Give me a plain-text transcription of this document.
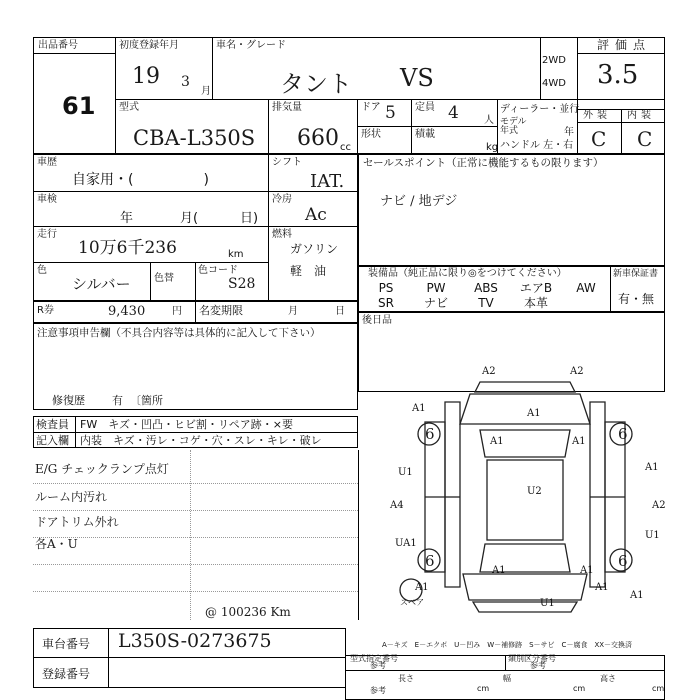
出品番号
61
初度登録年月
19 3
月
車名・グレード
タント VS
2WD
4WD
評価点
3.5
型式
CBA-L350S
排気量
660 cc
ドア 5 定員 4	人
形状	積載
kg
ディーラー・並行
モデル年式	年
ハンドル 左・右
外装 内装
C C
車歴
自家用・(　　　　　)
車検
年	月(	日)
走行
10万6千236	km
色
シルバー 色替
色コード
S28
シフト
IAT.
冷房
Ac
燃料
ガソリン
軽　油
R券	9,430	円 名変期限	月	日
セールスポイント（正常に機能するもの限ります）
ナビ / 地デジ
装備品（純正品に限り◎をつけてください）	新車保証書
有・無
PS	PW	ABS	エアB	AW
SR	ナビ	TV	本革
後日品
注意事項申告欄（不具合内容等は具体的に記入して下さい）
修復歴 有 〔箇所
検査員
記入欄
FW　キズ・凹凸・ヒビ割・リペア跡・×要
内装　キズ・汚レ・コゲ・穴・スレ・キレ・破レ
E/G チェックランプ点灯
ルーム内汚れ
ドアトリム外れ
各A・U
@ 100236 Km
車台番号 L350S-0273675
登録番号
型式指定番号
参考
類別区分番号
参考
長さ	幅	高さ
cm	cm	cm
参考
A－キズ　E－エクボ　U－凹み　W－補修跡　S－サビ　C－腐食　XX－交換済
6	6
6	6
スペア
A2	A2
A1
A1
A1
A1
U1	A1
U2
A4	A2
U1
UA1
A1	A1
A1	A1
U1
A1
